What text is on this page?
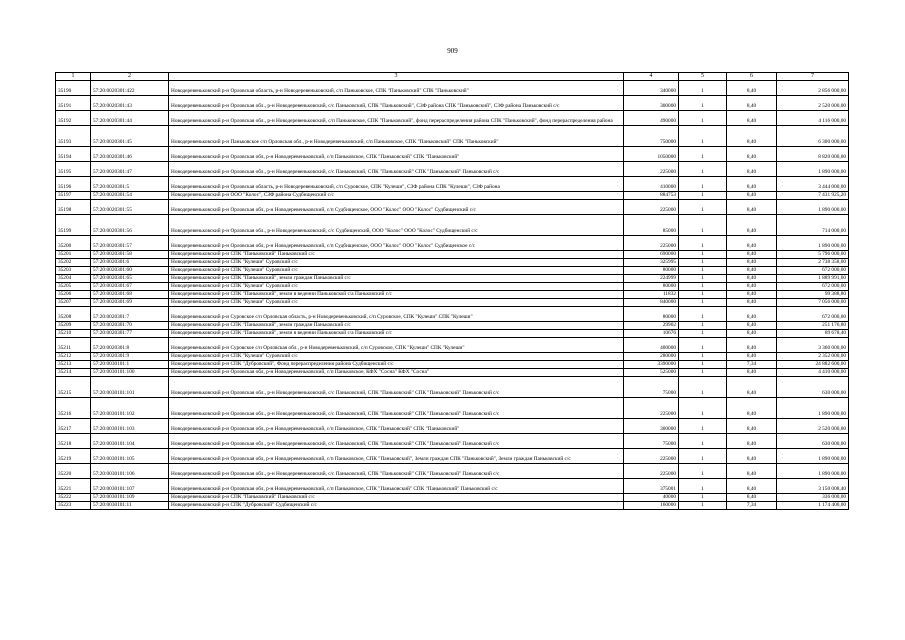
909
1	2	3	4	5	6	7
35190	57:20:0020301:422	Новодеревеньковский р-н Орловская область, р-н Новодеревеньковский, с/п Паньковское, СПК "Паньковский" СПК "Паньковский"	340000	1	8,40	2 856 000,00
35191	57:20:0020301:43	Новодеревеньковский р-н Орловская обл., р-н Новодеревеньковский, с/с Паньковский, СПК "Паньковский", СЗФ района СПК "Паньковский", СЗФ района Паньковский с/с	300000	1	8,40	2 520 000,00
35192	57:20:0020301:44	Новодеревеньковский р-н Орловская обл., р-н Новодеревеньковский, с/п Паньковское, СПК "Паньковский", фонд перераспределения района СПК "Паньковский", фонд перераспределения района	490000	1	8,40	4 116 000,00
35193	57:20:0020301:45	Новодеревеньковский р-н Паньковское с/п Орловская обл., р-н Новодеревеньковский, с/п Паньковское, СПК "Паньковский" СПК "Паньковский"	750000	1	8,40	6 300 000,00
35194	57:20:0020301:46	Новодеревеньковский р-н Орловская обл, р-н Новодеревеньковский, с/п Паньковское, СПК "Паньковский" СПК "Паньковский"	1050000	1	8,40	8 820 000,00
35195	57:20:0020301:47	Новодеревеньковский р-н Орловская обл., р-н Новодеревеньковский, с/с Паньковский, СПК "Паньковский" СПК "Паньковский" Паньковский с/с	225000	1	8,40	1 890 000,00
35196	57:20:0020301:5	Новодеревеньковский р-н Орловская область, р-н Новодеревеньковский, с/п Суровское, СПК "Кулеши", СЗФ района СПК "Кулеши", СЗФ района	410000	1	8,40	3 444 000,00
35197	57:20:0020301:54	Новодеревеньковский р-н ООО "Колос", СЗФ района Судбищенский с/с	884753	1	8,40	7 431 925,20
35198	57:20:0020301:55	Новодеревеньковский р-н Орловская обл, р-н Новодеревеньковский, с/п Судбищенское, ООО "Колос" ООО "Колос" Судбищенский с/с	225000	1	8,40	1 890 000,00
35199	57:20:0020301:56	Новодеревеньковский р-н Орловская обл., р-н Новодеревеньковский, с/с Судбищенский, ООО "Колос" ООО "Колос" Судбищенский с/с	85000	1	8,40	714 000,00
35200	57:20:0020301:57	Новодеревеньковский р-н Орловская обл, р-н Новодеревеньковский, с/п Судбищенское, ООО "Колос" ООО "Колос" Судбищенское с/с	225000	1	8,40	1 890 000,00
35201	57:20:0020301:58	Новодеревеньковский р-н СПК "Паньковский" Паньковский с/с	690000	1	8,40	5 796 000,00
35202	57:20:0020301:6	Новодеревеньковский р-н СПК "Кулеши" Суровский с/с	325995	1	8,40	2 738 358,00
35203	57:20:0020301:60	Новодеревеньковский р-н СПК "Кулеши" Суровский с/с	80000	1	8,40	672 000,00
35204	57:20:0020301:65	Новодеревеньковский р-н СПК "Паньковский", земли граждан Паньковский с/с	224999	1	8,40	1 889 991,60
35205	57:20:0020301:67	Новодеревеньковский р-н СПК "Кулеши" Суровский с/с	80000	1	8,40	672 000,00
35206	57:20:0020301:68	Новодеревеньковский р-н СПК "Паньковский", земли в ведении Паньковской с/а Паньковский с/с	11832	1	8,40	99 388,80
35207	57:20:0020301:69	Новодеревеньковский р-н СПК "Кулеши" Суровский с/с	840000	1	8,40	7 056 000,00
35208	57:20:0020301:7	Новодеревеньковский р-н Суровское с/п Орловская область, р-н Новодеревеньковский, с/п Суровское, СПК "Кулеши" СПК "Кулеши"	80000	1	8,40	672 000,00
35209	57:20:0020301:70	Новодеревеньковский р-н СПК "Паньковский", земли граждан Паньковский с/с	29902	1	8,40	251 176,80
35210	57:20:0020301:77	Новодеревеньковский р-н СПК "Паньковский", земли в ведении Паньковской с/а Паньковский с/с	10676	1	8,40	89 678,40
35211	57:20:0020301:8	Новодеревеньковский р-н Суровское с/п Орловская обл., р-н Новодеревеньковский, с/п Суровское, СПК "Кулеши" СПК "Кулеши"	400000	1	8,40	3 360 000,00
35212	57:20:0020301:9	Новодеревеньковский р-н СПК "Кулеши" Суровский с/с	280000	1	8,40	2 352 000,00
35213	57:20:0030101:1	Новодеревеньковский р-н СПК "Дубровский", Фонд перераспределения района Судбищенский с/с	3390000	1	7,34	24 882 600,00
35214	57:20:0030101:100	Новодеревеньковский р-н Орловская обл, р-н Новодеревеньковский, с/п Паньковское, КФХ "Сосна" КФХ "Сосна"	525000	1	8,40	4 410 000,00
35215	57:20:0030101:101	Новодеревеньковский р-н Орловская обл., р-н Новодеревеньковский, с/с Паньковский, СПК "Паньковский" СПК "Паньковский" Паньковский с/с	75000	1	8,40	630 000,00
35216	57:20:0030101:102	Новодеревеньковский р-н Орловская обл., р-н Новодеревеньковский, с/с Паньковский, СПК "Паньковский" СПК "Паньковский" Паньковский с/с	225000	1	8,40	1 890 000,00
35217	57:20:0030101:103	Новодеревеньковский р-н Орловская обл, р-н Новодеревеньковский, с/п Паньковское, СПК "Паньковский" СПК "Паньковский"	300000	1	8,40	2 520 000,00
35218	57:20:0030101:104	Новодеревеньковский р-н Орловская обл., р-н Новодеревеньковский, с/с Паньковский, СПК "Паньковский" СПК "Паньковский" Паньковский с/с	75000	1	8,40	630 000,00
35219	57:20:0030101:105	Новодеревеньковский р-н Орловская обл, р-н Новодеревеньковский, с/п Паньковское, СПК "Паньковский", Земли граждан СПК "Паньковский", Земли граждан Паньковский с/с	225000	1	8,40	1 890 000,00
35220	57:20:0030101:106	Новодеревеньковский р-н Орловская обл., р-н Новодеревеньковский, с/с Паньковский, СПК "Паньковский" СПК "Паньковский" Паньковский с/с	225000	1	8,40	1 890 000,00
35221	57:20:0030101:107	Новодеревеньковский р-н Орловская обл, р-н Новодеревеньковский, с/п Паньковское, СПК "Паньковский" СПК "Паньковский" Паньковский с/с	375001	1	8,40	3 150 008,40
35222	57:20:0030101:109	Новодеревеньковский р-н СПК "Паньковский" Паньковский с/с	40000	1	8,40	336 000,00
35223	57:20:0030101:11	Новодеревеньковский р-н СПК "Дубровский" Судбищенский с/с	160000	1	7,34	1 174 400,00
